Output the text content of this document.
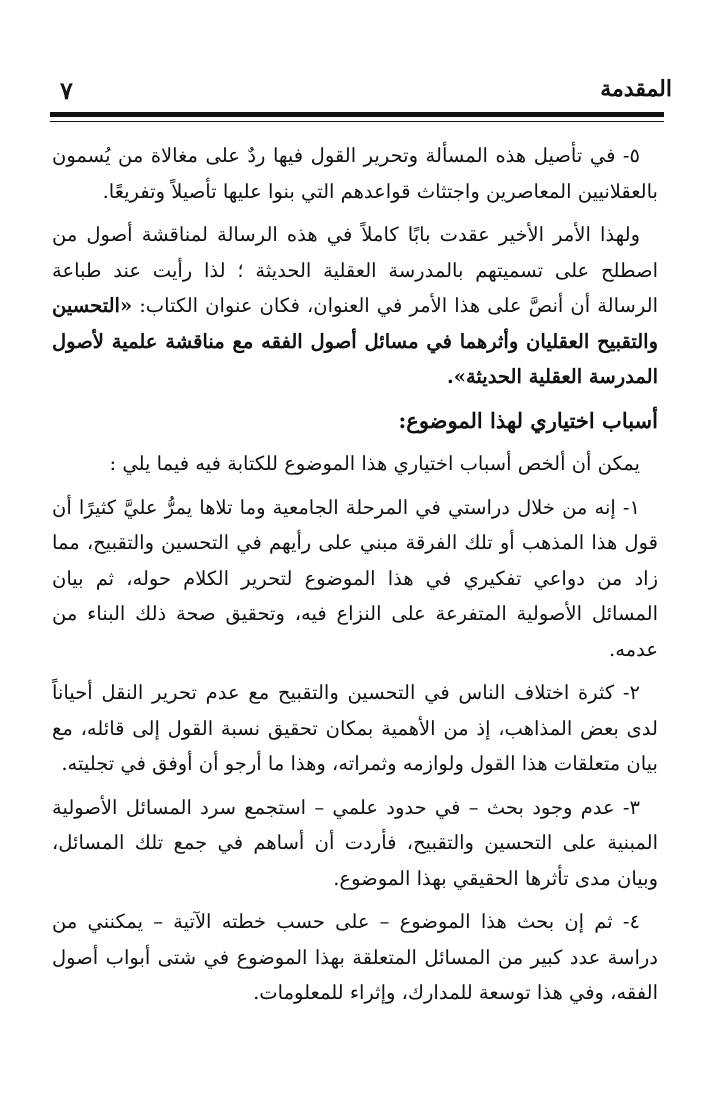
٧	المقدمة

٥- في تأصيل هذه المسألة وتحرير القول فيها ردٌ على مغالاة من يُسمون بالعقلانيين المعاصرين واجتثاث قواعدهم التي بنوا عليها تأصيلاً وتفريعًا.

ولهذا الأمر الأخير عقدت بابًا كاملاً في هذه الرسالة لمناقشة أصول من اصطلح على تسميتهم بالمدرسة العقلية الحديثة ؛ لذا رأيت عند طباعة الرسالة أن أنصَّ على هذا الأمر في العنوان، فكان عنوان الكتاب: «التحسين والتقبيح العقليان وأثرهما في مسائل أصول الفقه مع مناقشة علمية لأصول المدرسة العقلية الحديثة».

أسباب اختياري لهذا الموضوع:

يمكن أن ألخص أسباب اختياري هذا الموضوع للكتابة فيه فيما يلي :

١- إنه من خلال دراستي في المرحلة الجامعية وما تلاها يمرُّ عليَّ كثيرًا أن قول هذا المذهب أو تلك الفرقة مبني على رأيهم في التحسين والتقبيح، مما زاد من دواعي تفكيري في هذا الموضوع لتحرير الكلام حوله، ثم بيان المسائل الأصولية المتفرعة على النزاع فيه، وتحقيق صحة ذلك البناء من عدمه.

٢- كثرة اختلاف الناس في التحسين والتقبيح مع عدم تحرير النقل أحياناً لدى بعض المذاهب، إذ من الأهمية بمكان تحقيق نسبة القول إلى قائله، مع بيان متعلقات هذا القول ولوازمه وثمراته، وهذا ما أرجو أن أوفق في تجليته.

٣- عدم وجود بحث – في حدود علمي – استجمع سرد المسائل الأصولية المبنية على التحسين والتقبيح، فأردت أن أساهم في جمع تلك المسائل، وبيان مدى تأثرها الحقيقي بهذا الموضوع.

٤- ثم إن بحث هذا الموضوع – على حسب خطته الآتية – يمكنني من دراسة عدد كبير من المسائل المتعلقة بهذا الموضوع في شتى أبواب أصول الفقه، وفي هذا توسعة للمدارك، وإثراء للمعلومات.
